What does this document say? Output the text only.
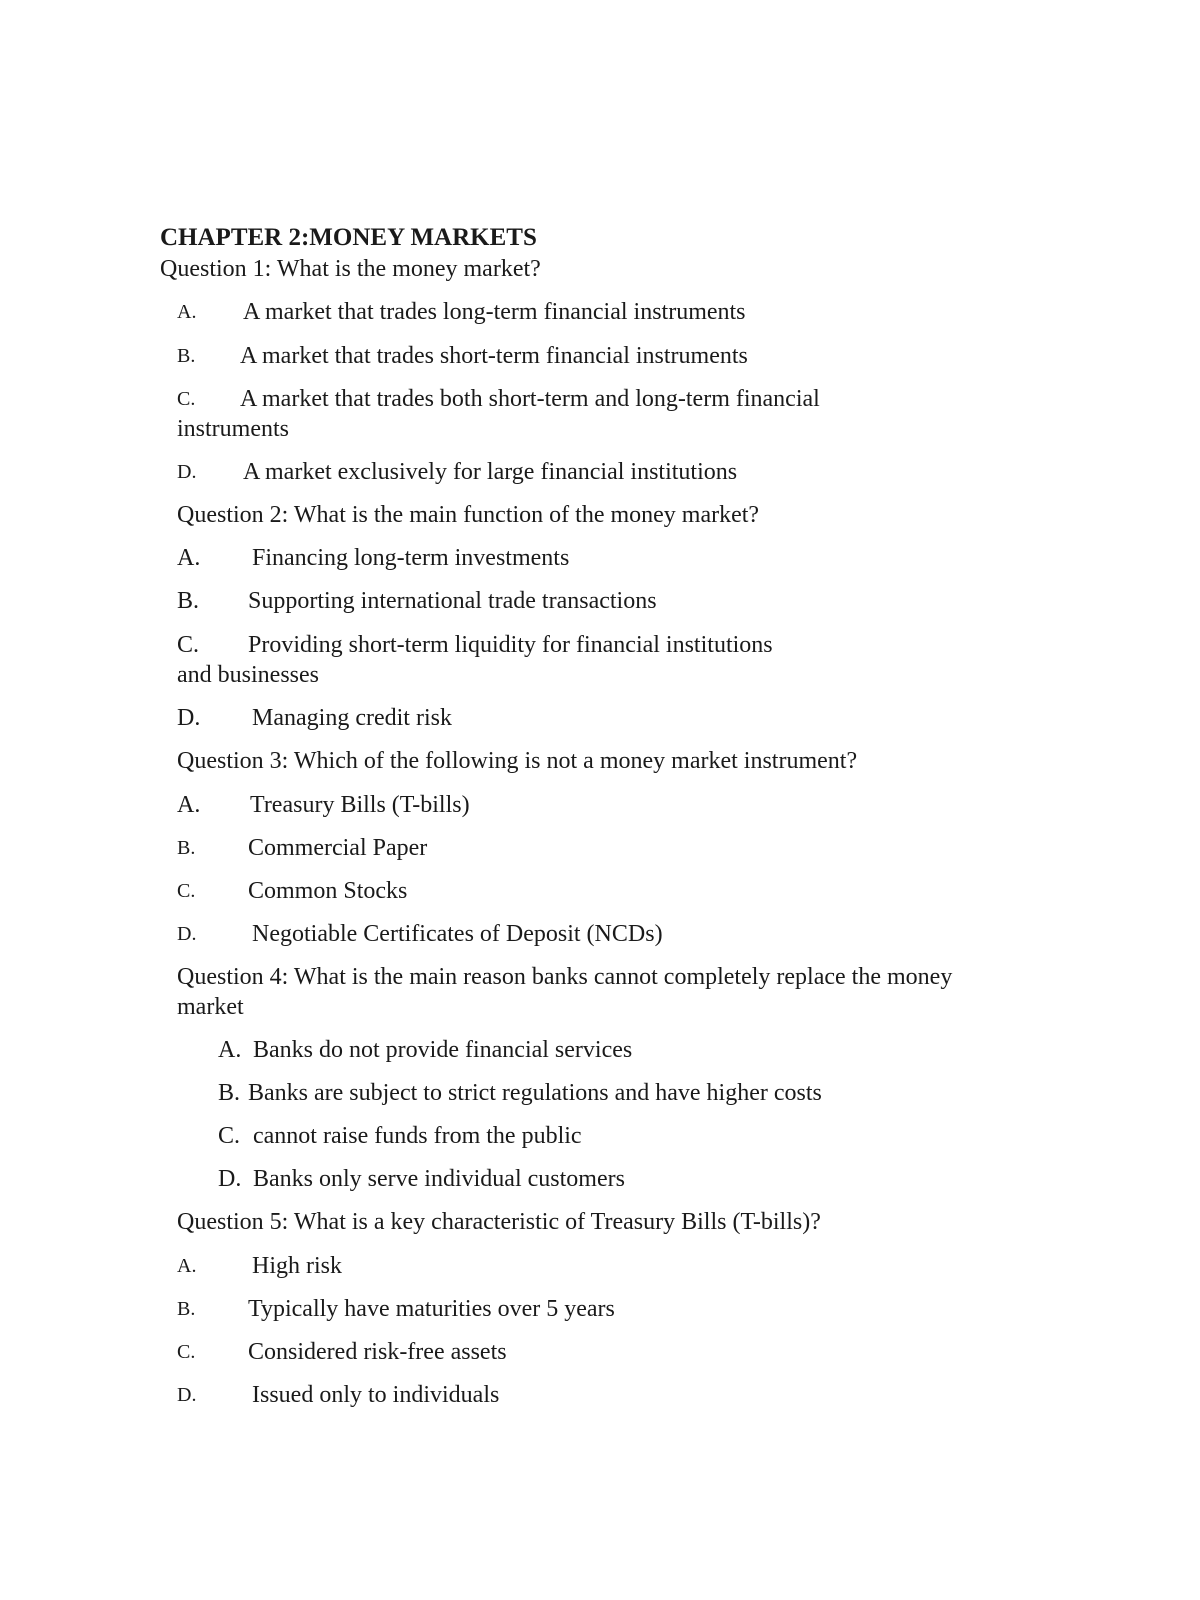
CHAPTER 2:MONEY MARKETS
Question 1: What is the money market?
A. A market that trades long-term financial instruments
B. A market that trades short-term financial instruments
C. A market that trades both short-term and long-term financial
instruments
D. A market exclusively for large financial institutions
Question 2: What is the main function of the money market?
A. Financing long-term investments
B. Supporting international trade transactions
C. Providing short-term liquidity for financial institutions
and businesses
D. Managing credit risk
Question 3: Which of the following is not a money market instrument?
A. Treasury Bills (T-bills)
B. Commercial Paper
C. Common Stocks
D. Negotiable Certificates of Deposit (NCDs)
Question 4: What is the main reason banks cannot completely replace the money
market
A. Banks do not provide financial services
B. Banks are subject to strict regulations and have higher costs
C. cannot raise funds from the public
D. Banks only serve individual customers
Question 5: What is a key characteristic of Treasury Bills (T-bills)?
A. High risk
B. Typically have maturities over 5 years
C. Considered risk-free assets
D. Issued only to individuals
